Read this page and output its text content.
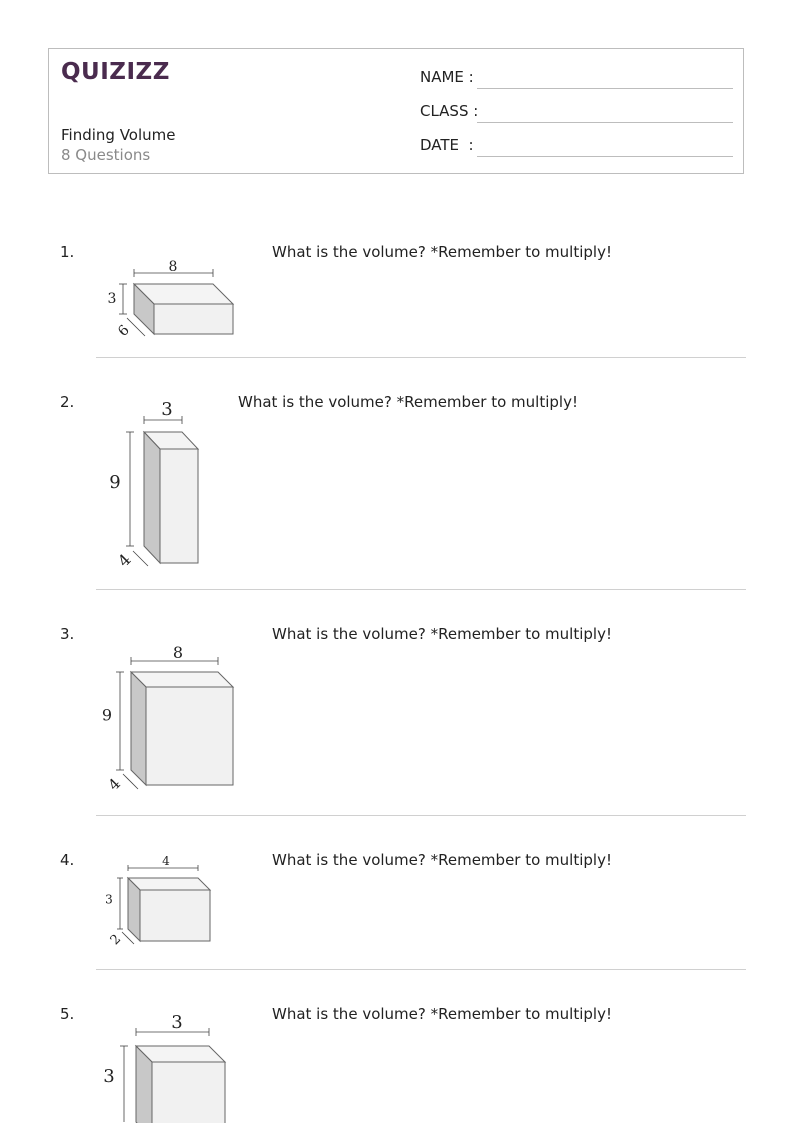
QUIZIZZ
Finding Volume
8 Questions
NAME :
CLASS :
DATE  :
1.	What is the volume? *Remember to multiply!
8
3
6
2.	What is the volume? *Remember to multiply!
3
9
4
3.	What is the volume? *Remember to multiply!
8
9
4
4.	What is the volume? *Remember to multiply!
4
3
2
5.	What is the volume? *Remember to multiply!
3
3
